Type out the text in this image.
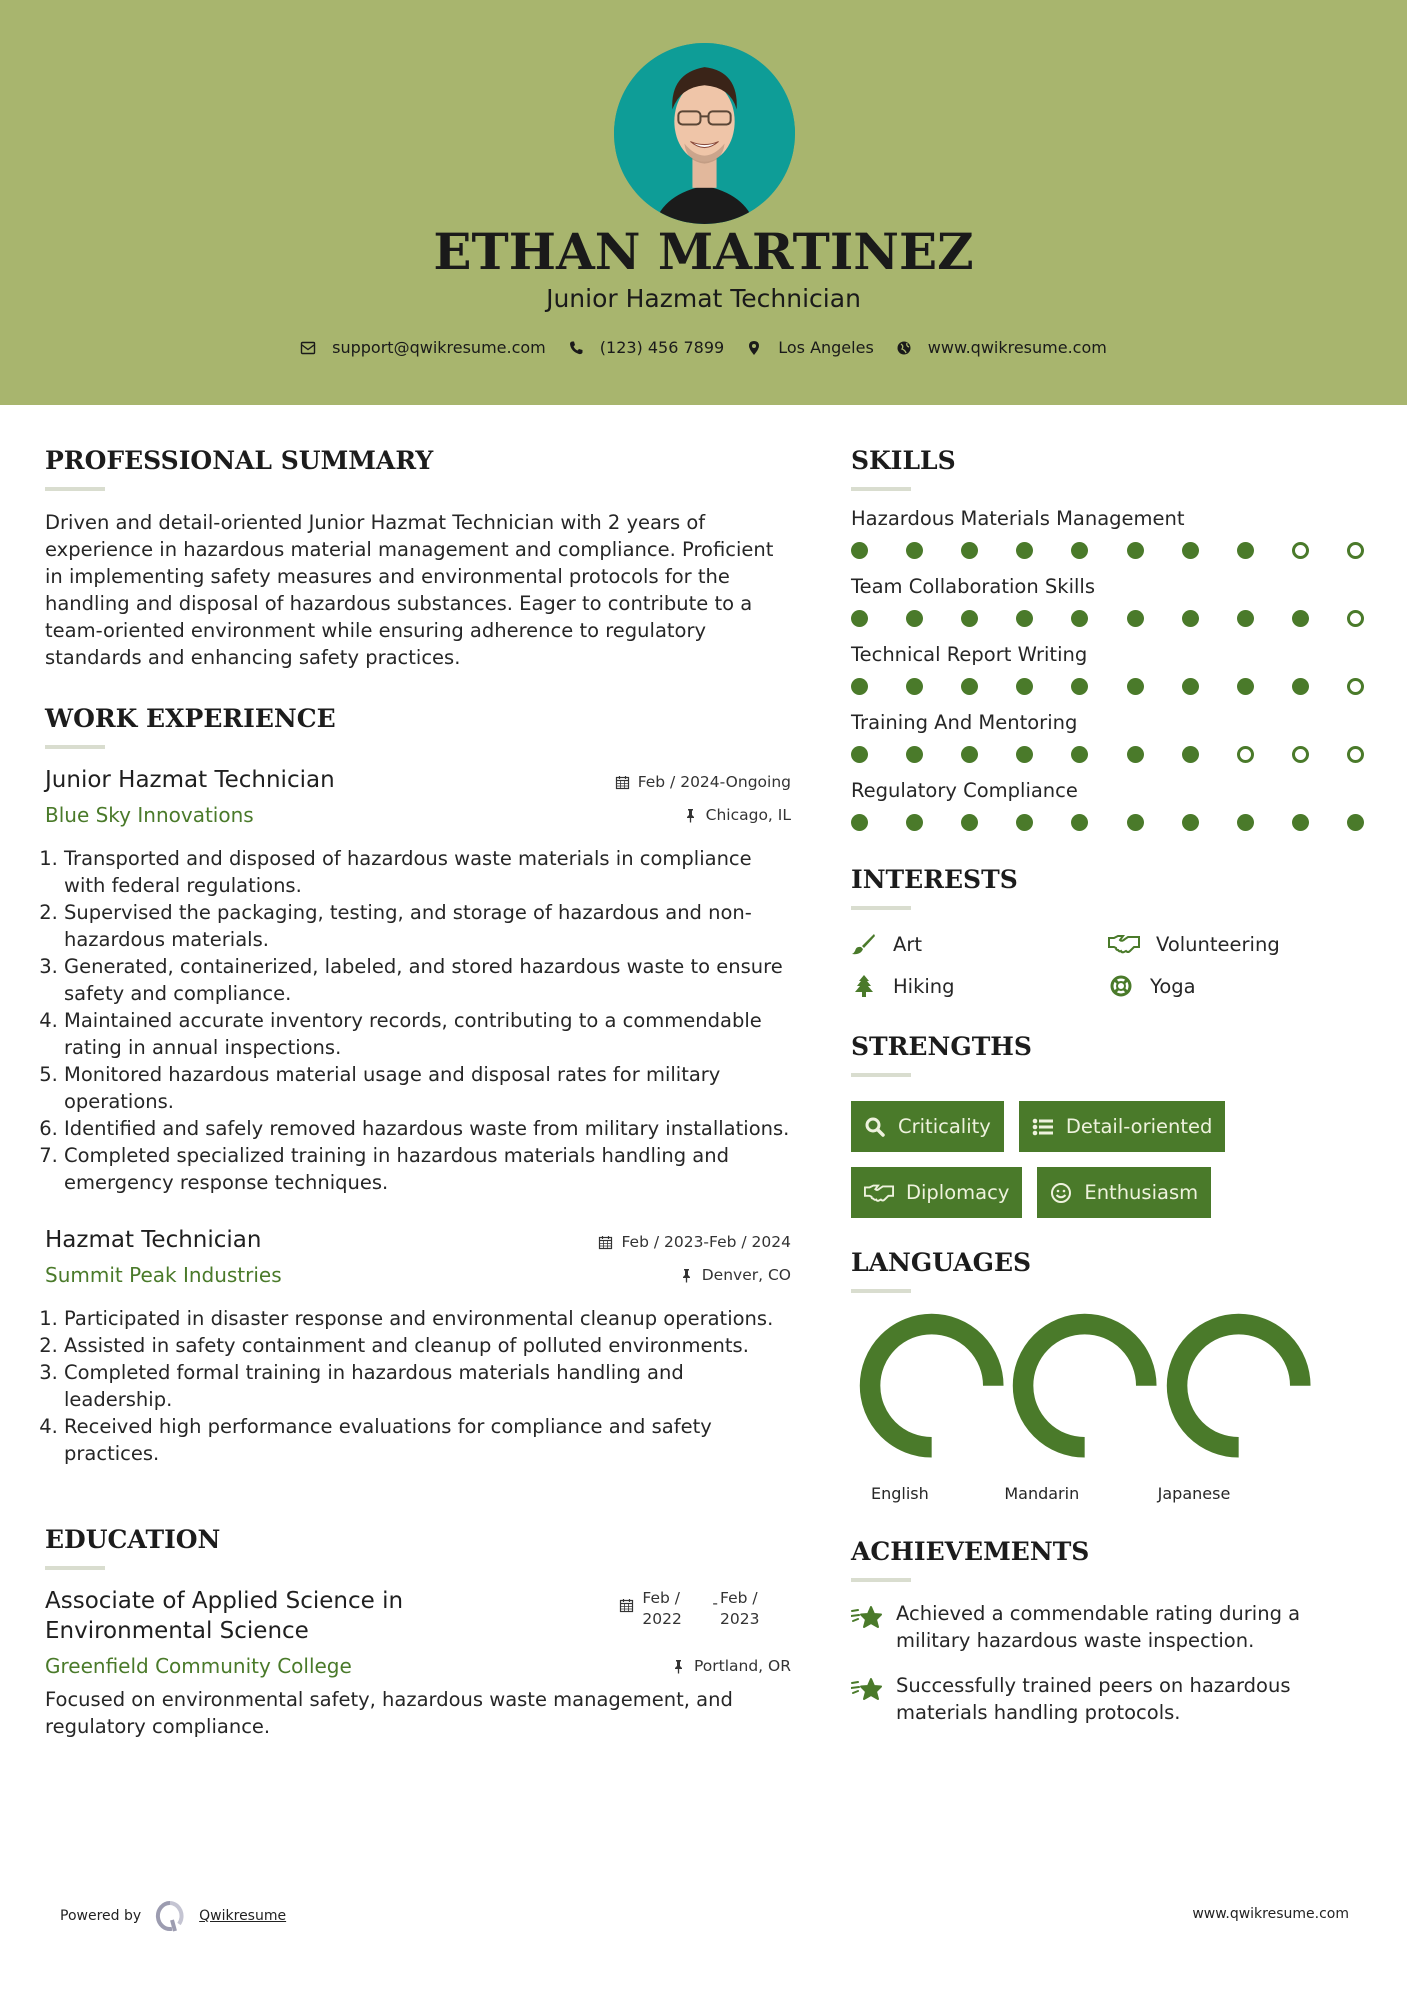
ETHAN MARTINEZ
Junior Hazmat Technician
support@qwikresume.com	(123) 456 7899	Los Angeles	www.qwikresume.com
PROFESSIONAL SUMMARY

Driven and detail-oriented Junior Hazmat Technician with 2 years of experience in hazardous material management and compliance. Proficient in implementing safety measures and environmental protocols for the handling and disposal of hazardous substances. Eager to contribute to a team-oriented environment while ensuring adherence to regulatory standards and enhancing safety practices.

WORK EXPERIENCE
Junior Hazmat Technician	Feb / 2024-Ongoing
Blue Sky Innovations	Chicago, IL
1. Transported and disposed of hazardous waste materials in compliance with federal regulations.
2. Supervised the packaging, testing, and storage of hazardous and non-hazardous materials.
3. Generated, containerized, labeled, and stored hazardous waste to ensure safety and compliance.
4. Maintained accurate inventory records, contributing to a commendable rating in annual inspections.
5. Monitored hazardous material usage and disposal rates for military operations.
6. Identified and safely removed hazardous waste from military installations.
7. Completed specialized training in hazardous materials handling and emergency response techniques.
Hazmat Technician	Feb / 2023-Feb / 2024
Summit Peak Industries	Denver, CO
1. Participated in disaster response and environmental cleanup operations.
2. Assisted in safety containment and cleanup of polluted environments.
3. Completed formal training in hazardous materials handling and leadership.
4. Received high performance evaluations for compliance and safety practices.
EDUCATION
Associate of Applied Science in Environmental Science
Feb / 2022
- Feb / 2023
Greenfield Community College	Portland, OR

Focused on environmental safety, hazardous waste management, and regulatory compliance.

SKILLS
Hazardous Materials Management
Team Collaboration Skills
Technical Report Writing
Training And Mentoring
Regulatory Compliance
INTERESTS
Art	Volunteering
Hiking	Yoga
STRENGTHS
Criticality	Detail-oriented
Diplomacy	Enthusiasm
LANGUAGES
English	Mandarin	Japanese
ACHIEVEMENTS
Achieved a commendable rating during a military hazardous waste inspection.
Successfully trained peers on hazardous materials handling protocols.
Powered by	Qwikresume	www.qwikresume.com
